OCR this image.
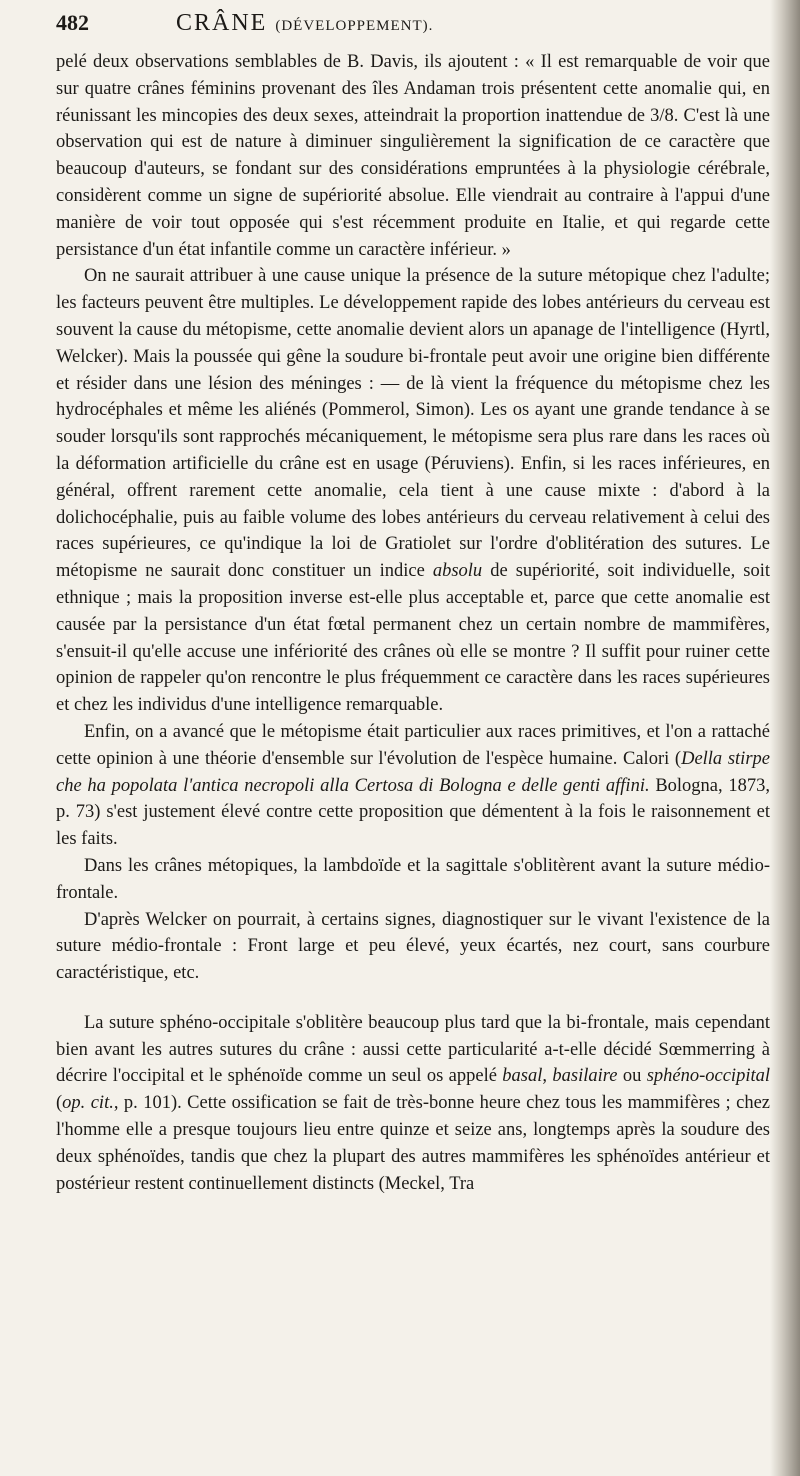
482	CRÂNE (DÉVELOPPEMENT).

pelé deux observations semblables de B. Davis, ils ajoutent : « Il est remarquable de voir que sur quatre crânes féminins provenant des îles Andaman trois présentent cette anomalie qui, en réunissant les mincopies des deux sexes, atteindrait la proportion inattendue de 3/8. C'est là une observation qui est de nature à diminuer singulièrement la signification de ce caractère que beaucoup d'auteurs, se fondant sur des considérations empruntées à la physiologie cérébrale, considèrent comme un signe de supériorité absolue. Elle viendrait au contraire à l'appui d'une manière de voir tout opposée qui s'est récemment produite en Italie, et qui regarde cette persistance d'un état infantile comme un caractère inférieur. »

On ne saurait attribuer à une cause unique la présence de la suture métopique chez l'adulte; les facteurs peuvent être multiples. Le développement rapide des lobes antérieurs du cerveau est souvent la cause du métopisme, cette anomalie devient alors un apanage de l'intelligence (Hyrtl, Welcker). Mais la poussée qui gêne la soudure bi-frontale peut avoir une origine bien différente et résider dans une lésion des méninges : — de là vient la fréquence du métopisme chez les hydrocéphales et même les aliénés (Pommerol, Simon). Les os ayant une grande tendance à se souder lorsqu'ils sont rapprochés mécaniquement, le métopisme sera plus rare dans les races où la déformation artificielle du crâne est en usage (Péruviens). Enfin, si les races inférieures, en général, offrent rarement cette anomalie, cela tient à une cause mixte : d'abord à la dolichocéphalie, puis au faible volume des lobes antérieurs du cerveau relativement à celui des races supérieures, ce qu'indique la loi de Gratiolet sur l'ordre d'oblitération des sutures. Le métopisme ne saurait donc constituer un indice absolu de supériorité, soit individuelle, soit ethnique ; mais la proposition inverse est-elle plus acceptable et, parce que cette anomalie est causée par la persistance d'un état fœtal permanent chez un certain nombre de mammifères, s'ensuit-il qu'elle accuse une infériorité des crânes où elle se montre ? Il suffit pour ruiner cette opinion de rappeler qu'on rencontre le plus fréquemment ce caractère dans les races supérieures et chez les individus d'une intelligence remarquable.

Enfin, on a avancé que le métopisme était particulier aux races primitives, et l'on a rattaché cette opinion à une théorie d'ensemble sur l'évolution de l'espèce humaine. Calori (Della stirpe che ha popolata l'antica necropoli alla Certosa di Bologna e delle genti affini. Bologna, 1873, p. 73) s'est justement élevé contre cette proposition que démentent à la fois le raisonnement et les faits.

Dans les crânes métopiques, la lambdoïde et la sagittale s'oblitèrent avant la suture médio-frontale.

D'après Welcker on pourrait, à certains signes, diagnostiquer sur le vivant l'existence de la suture médio-frontale : Front large et peu élevé, yeux écartés, nez court, sans courbure caractéristique, etc.

La suture sphéno-occipitale s'oblitère beaucoup plus tard que la bi-frontale, mais cependant bien avant les autres sutures du crâne : aussi cette particularité a-t-elle décidé Sœmmerring à décrire l'occipital et le sphénoïde comme un seul os appelé basal, basilaire ou sphéno-occipital (op. cit., p. 101). Cette ossification se fait de très-bonne heure chez tous les mammifères ; chez l'homme elle a presque toujours lieu entre quinze et seize ans, longtemps après la soudure des deux sphénoïdes, tandis que chez la plupart des autres mammifères les sphénoïdes antérieur et postérieur restent continuellement distincts (Meckel, Tra
